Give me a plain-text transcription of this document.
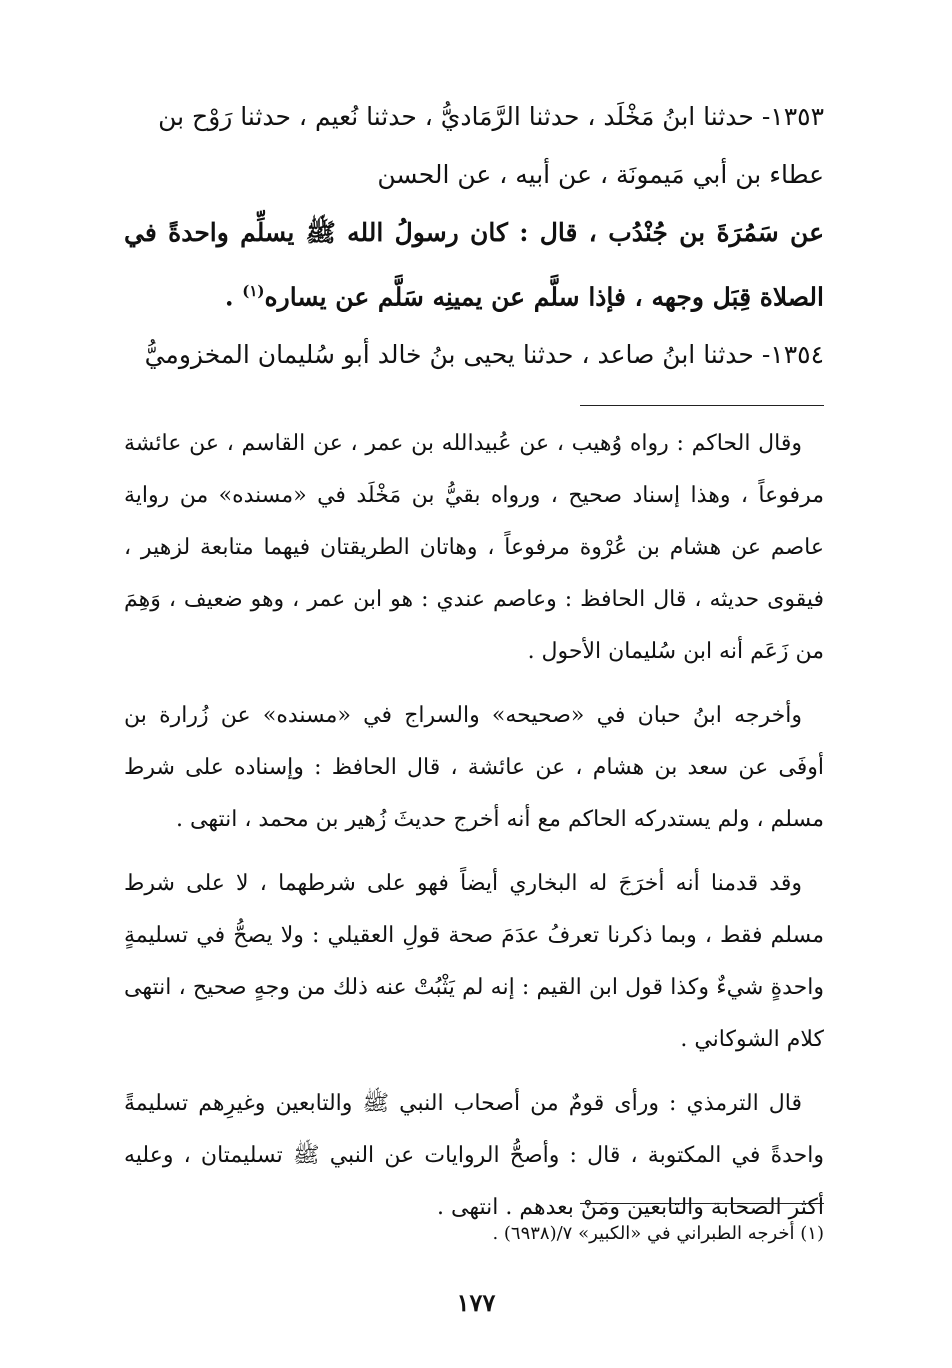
١٣٥٣- حدثنا ابنُ مَخْلَد ، حدثنا الرَّمَاديُّ ، حدثنا نُعيم ، حدثنا رَوْح بن

عطاء بن أبي مَيمونَة ، عن أبيه ، عن الحسن

عن سَمُرَةَ بن جُنْدُب ، قال : كان رسولُ الله ﷺ يسلِّم واحدةً في الصلاة قِبَل وجهه ، فإذا سلَّم عن يمينِه سَلَّم عن يساره$^{(١)}$ .

١٣٥٤- حدثنا ابنُ صاعد ، حدثنا يحيى بنُ خالد أبو سُليمان المخزوميُّ

وقال الحاكم : رواه وُهيب ، عن عُبيدالله بن عمر ، عن القاسم ، عن عائشة مرفوعاً ، وهذا إسناد صحيح ، ورواه بقيُّ بن مَخْلَد في «مسنده» من رواية عاصم عن هشام بن عُرْوة مرفوعاً ، وهاتان الطريقتان فيهما متابعة لزهير ، فيقوى حديثه ، قال الحافظ : وعاصم عندي : هو ابن عمر ، وهو ضعيف ، وَهِمَ من زَعَم أنه ابن سُليمان الأحول .

وأخرجه ابنُ حبان في «صحيحه» والسراج في «مسنده» عن زُرارة بن أوفَى عن سعد بن هشام ، عن عائشة ، قال الحافظ : وإسناده على شرط مسلم ، ولم يستدركه الحاكم مع أنه أخرج حديثَ زُهير بن محمد ، انتهى .

وقد قدمنا أنه أخرَجَ له البخاري أيضاً فهو على شرطهما ، لا على شرط مسلم فقط ، وبما ذكرنا تعرفُ عدَمَ صحة قولِ العقيلي : ولا يصحُّ في تسليمةٍ واحدةٍ شيءٌ وكذا قول ابن القيم : إنه لم يَثْبُتْ عنه ذلك من وجهٍ صحيح ، انتهى كلام الشوكاني .

قال الترمذي : ورأى قومٌ من أصحاب النبي ﷺ والتابعين وغيرِهم تسليمةً واحدةً في المكتوبة ، قال : وأصحُّ الروايات عن النبي ﷺ تسليمتان ، وعليه أكثر الصحابة والتابعين ومَنْ بعدهم . انتهى .

(١) أخرجه الطبراني في «الكبير» ٧/(٦٩٣٨) .
١٧٧
